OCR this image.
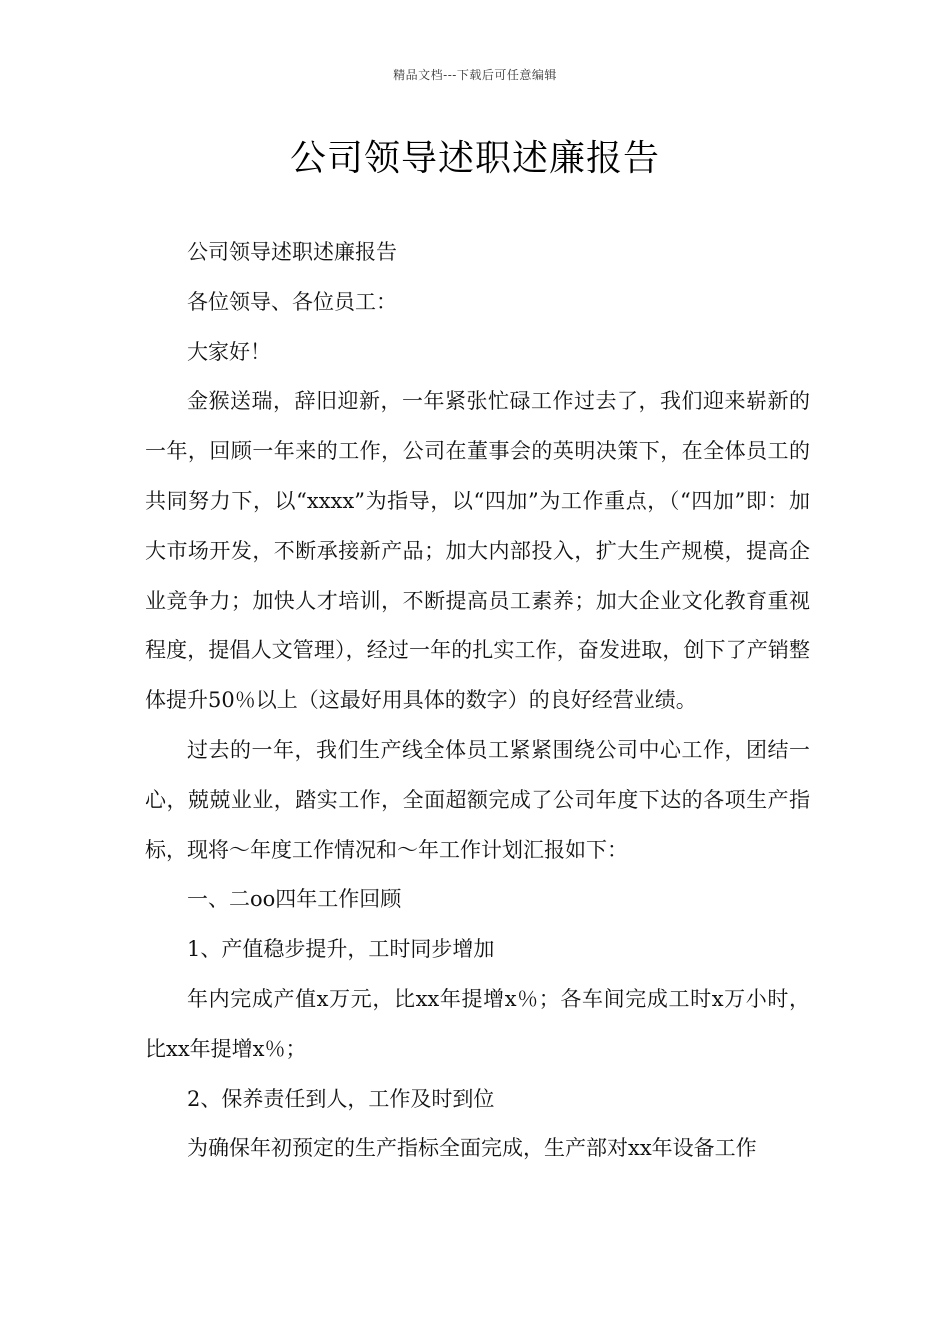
精品文档---下载后可任意编辑
公司领导述职述廉报告

公司领导述职述廉报告

各位领导、各位员工：

大家好！

金猴送瑞，辞旧迎新，一年紧张忙碌工作过去了，我们迎来崭新的一年，回顾一年来的工作，公司在董事会的英明决策下，在全体员工的共同努力下，以“xxxx”为指导，以“四加”为工作重点，（“四加”即：加大市场开发，不断承接新产品；加大内部投入，扩大生产规模，提高企业竞争力；加快人才培训，不断提高员工素养；加大企业文化教育重视程度，提倡人文管理），经过一年的扎实工作，奋发进取，创下了产销整体提升50％以上（这最好用具体的数字）的良好经营业绩。

过去的一年，我们生产线全体员工紧紧围绕公司中心工作，团结一心，兢兢业业，踏实工作，全面超额完成了公司年度下达的各项生产指标，现将～年度工作情况和～年工作计划汇报如下：

一、二oo四年工作回顾

1、产值稳步提升，工时同步增加

年内完成产值x万元，比xx年提增x％；各车间完成工时x万小时，比xx年提增x％；

2、保养责任到人，工作及时到位

为确保年初预定的生产指标全面完成，生产部对xx年设备工作
